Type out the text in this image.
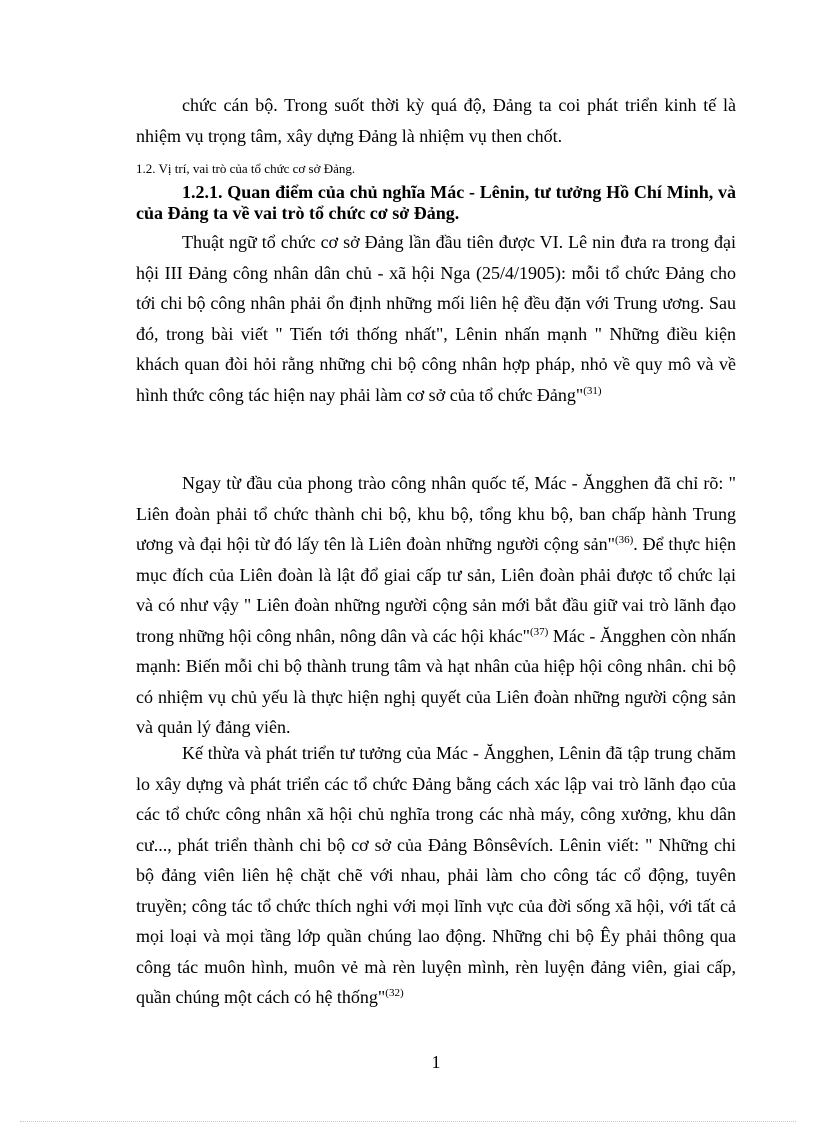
chức cán bộ. Trong suốt thời kỳ quá độ, Đảng ta coi phát triển kinh tế là nhiệm vụ trọng tâm, xây dựng Đảng là nhiệm vụ then chốt.
1.2. Vị trí, vai trò của tổ chức cơ sở Đảng.
1.2.1. Quan điểm của chủ nghĩa Mác - Lênin, tư tưởng Hồ Chí Minh, và của Đảng ta về vai trò tổ chức cơ sở Đảng.
Thuật ngữ tổ chức cơ sở Đảng lần đầu tiên được VI. Lê nin đưa ra trong đại hội III Đảng công nhân dân chủ - xã hội Nga (25/4/1905): mỗi tổ chức Đảng cho tới chi bộ công nhân phải ổn định những mối liên hệ đều đặn với Trung ương. Sau đó, trong bài viết " Tiến tới thống nhất", Lênin nhấn mạnh " Những điều kiện khách quan đòi hỏi rằng những chi bộ công nhân hợp pháp, nhỏ về quy mô và về hình thức công tác hiện nay phải làm cơ sở của tổ chức Đảng"$^{(31)}$
Ngay từ đầu của phong trào công nhân quốc tế, Mác - Ăngghen đã chỉ rõ: " Liên đoàn phải tổ chức thành chi bộ, khu bộ, tổng khu bộ, ban chấp hành Trung ương và đại hội từ đó lấy tên là Liên đoàn những người cộng sản"$^{(36)}$. Để thực hiện mục đích của Liên đoàn là lật đổ giai cấp tư sản, Liên đoàn phải được tổ chức lại và có như vậy " Liên đoàn những người cộng sản mới bắt đầu giữ vai trò lãnh đạo trong những hội công nhân, nông dân và các hội khác"$^{(37)}$ Mác - Ăngghen còn nhấn mạnh: Biến mỗi chi bộ thành trung tâm và hạt nhân của hiệp hội công nhân. chi bộ có nhiệm vụ chủ yếu là thực hiện nghị quyết của Liên đoàn những người cộng sản và quản lý đảng viên.
Kế thừa và phát triển tư tưởng của Mác - Ăngghen, Lênin đã tập trung chăm lo xây dựng và phát triển các tổ chức Đảng bằng cách xác lập vai trò lãnh đạo của các tổ chức công nhân xã hội chủ nghĩa trong các nhà máy, công xưởng, khu dân cư..., phát triển thành chi bộ cơ sở của Đảng Bônsêvích. Lênin viết: " Những chi bộ đảng viên liên hệ chặt chẽ với nhau, phải làm cho công tác cổ động, tuyên truyền; công tác tổ chức thích nghi với mọi lĩnh vực của đời sống xã hội, với tất cả mọi loại và mọi tầng lớp quần chúng lao động. Những chi bộ Êy phải thông qua công tác muôn hình, muôn vẻ mà rèn luyện mình, rèn luyện đảng viên, giai cấp, quần chúng một cách có hệ thống"$^{(32)}$
1
